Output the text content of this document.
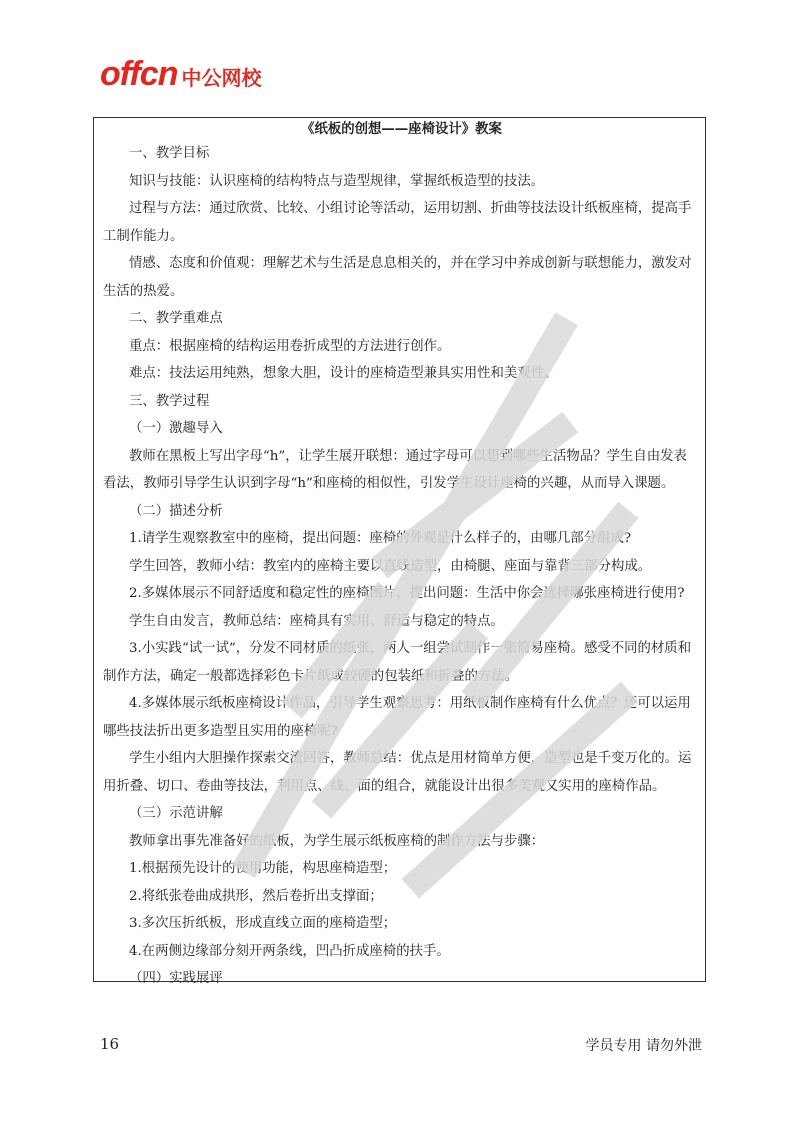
offcn 中公网校
《纸板的创想——座椅设计》教案

一、教学目标

知识与技能：认识座椅的结构特点与造型规律，掌握纸板造型的技法。

过程与方法：通过欣赏、比较、小组讨论等活动，运用切割、折曲等技法设计纸板座椅，提高手工制作能力。

情感、态度和价值观：理解艺术与生活是息息相关的，并在学习中养成创新与联想能力，激发对生活的热爱。

二、教学重难点

重点：根据座椅的结构运用卷折成型的方法进行创作。

难点：技法运用纯熟，想象大胆，设计的座椅造型兼具实用性和美观性。

三、教学过程

（一）激趣导入

教师在黑板上写出字母“h”，让学生展开联想：通过字母可以想到哪些生活物品？学生自由发表看法，教师引导学生认识到字母“h”和座椅的相似性，引发学生设计座椅的兴趣，从而导入课题。

（二）描述分析

1.请学生观察教室中的座椅，提出问题：座椅的外观是什么样子的，由哪几部分组成?

学生回答，教师小结：教室内的座椅主要以直线造型，由椅腿、座面与靠背三部分构成。

2.多媒体展示不同舒适度和稳定性的座椅图片，提出问题：生活中你会选择哪张座椅进行使用?

学生自由发言，教师总结：座椅具有实用、舒适与稳定的特点。

3.小实践“试一试”，分发不同材质的纸张，两人一组尝试制作一张简易座椅。感受不同的材质和制作方法，确定一般都选择彩色卡片纸或较硬的包装纸和折叠的方法。

4.多媒体展示纸板座椅设计作品，引导学生观察思考：用纸板制作座椅有什么优点？还可以运用哪些技法折出更多造型且实用的座椅呢?

学生小组内大胆操作探索交流回答，教师总结：优点是用材简单方便，造型也是千变万化的。运用折叠、切口、卷曲等技法，利用点、线、面的组合，就能设计出很多美观又实用的座椅作品。

（三）示范讲解

教师拿出事先准备好的纸板，为学生展示纸板座椅的制作方法与步骤：

1.根据预先设计的使用功能，构思座椅造型；

2.将纸张卷曲成拱形，然后卷折出支撑面；

3.多次压折纸板，形成直线立面的座椅造型；

4.在两侧边缘部分刻开两条线，凹凸折成座椅的扶手。

（四）实践展评

16	学员专用 请勿外泄
